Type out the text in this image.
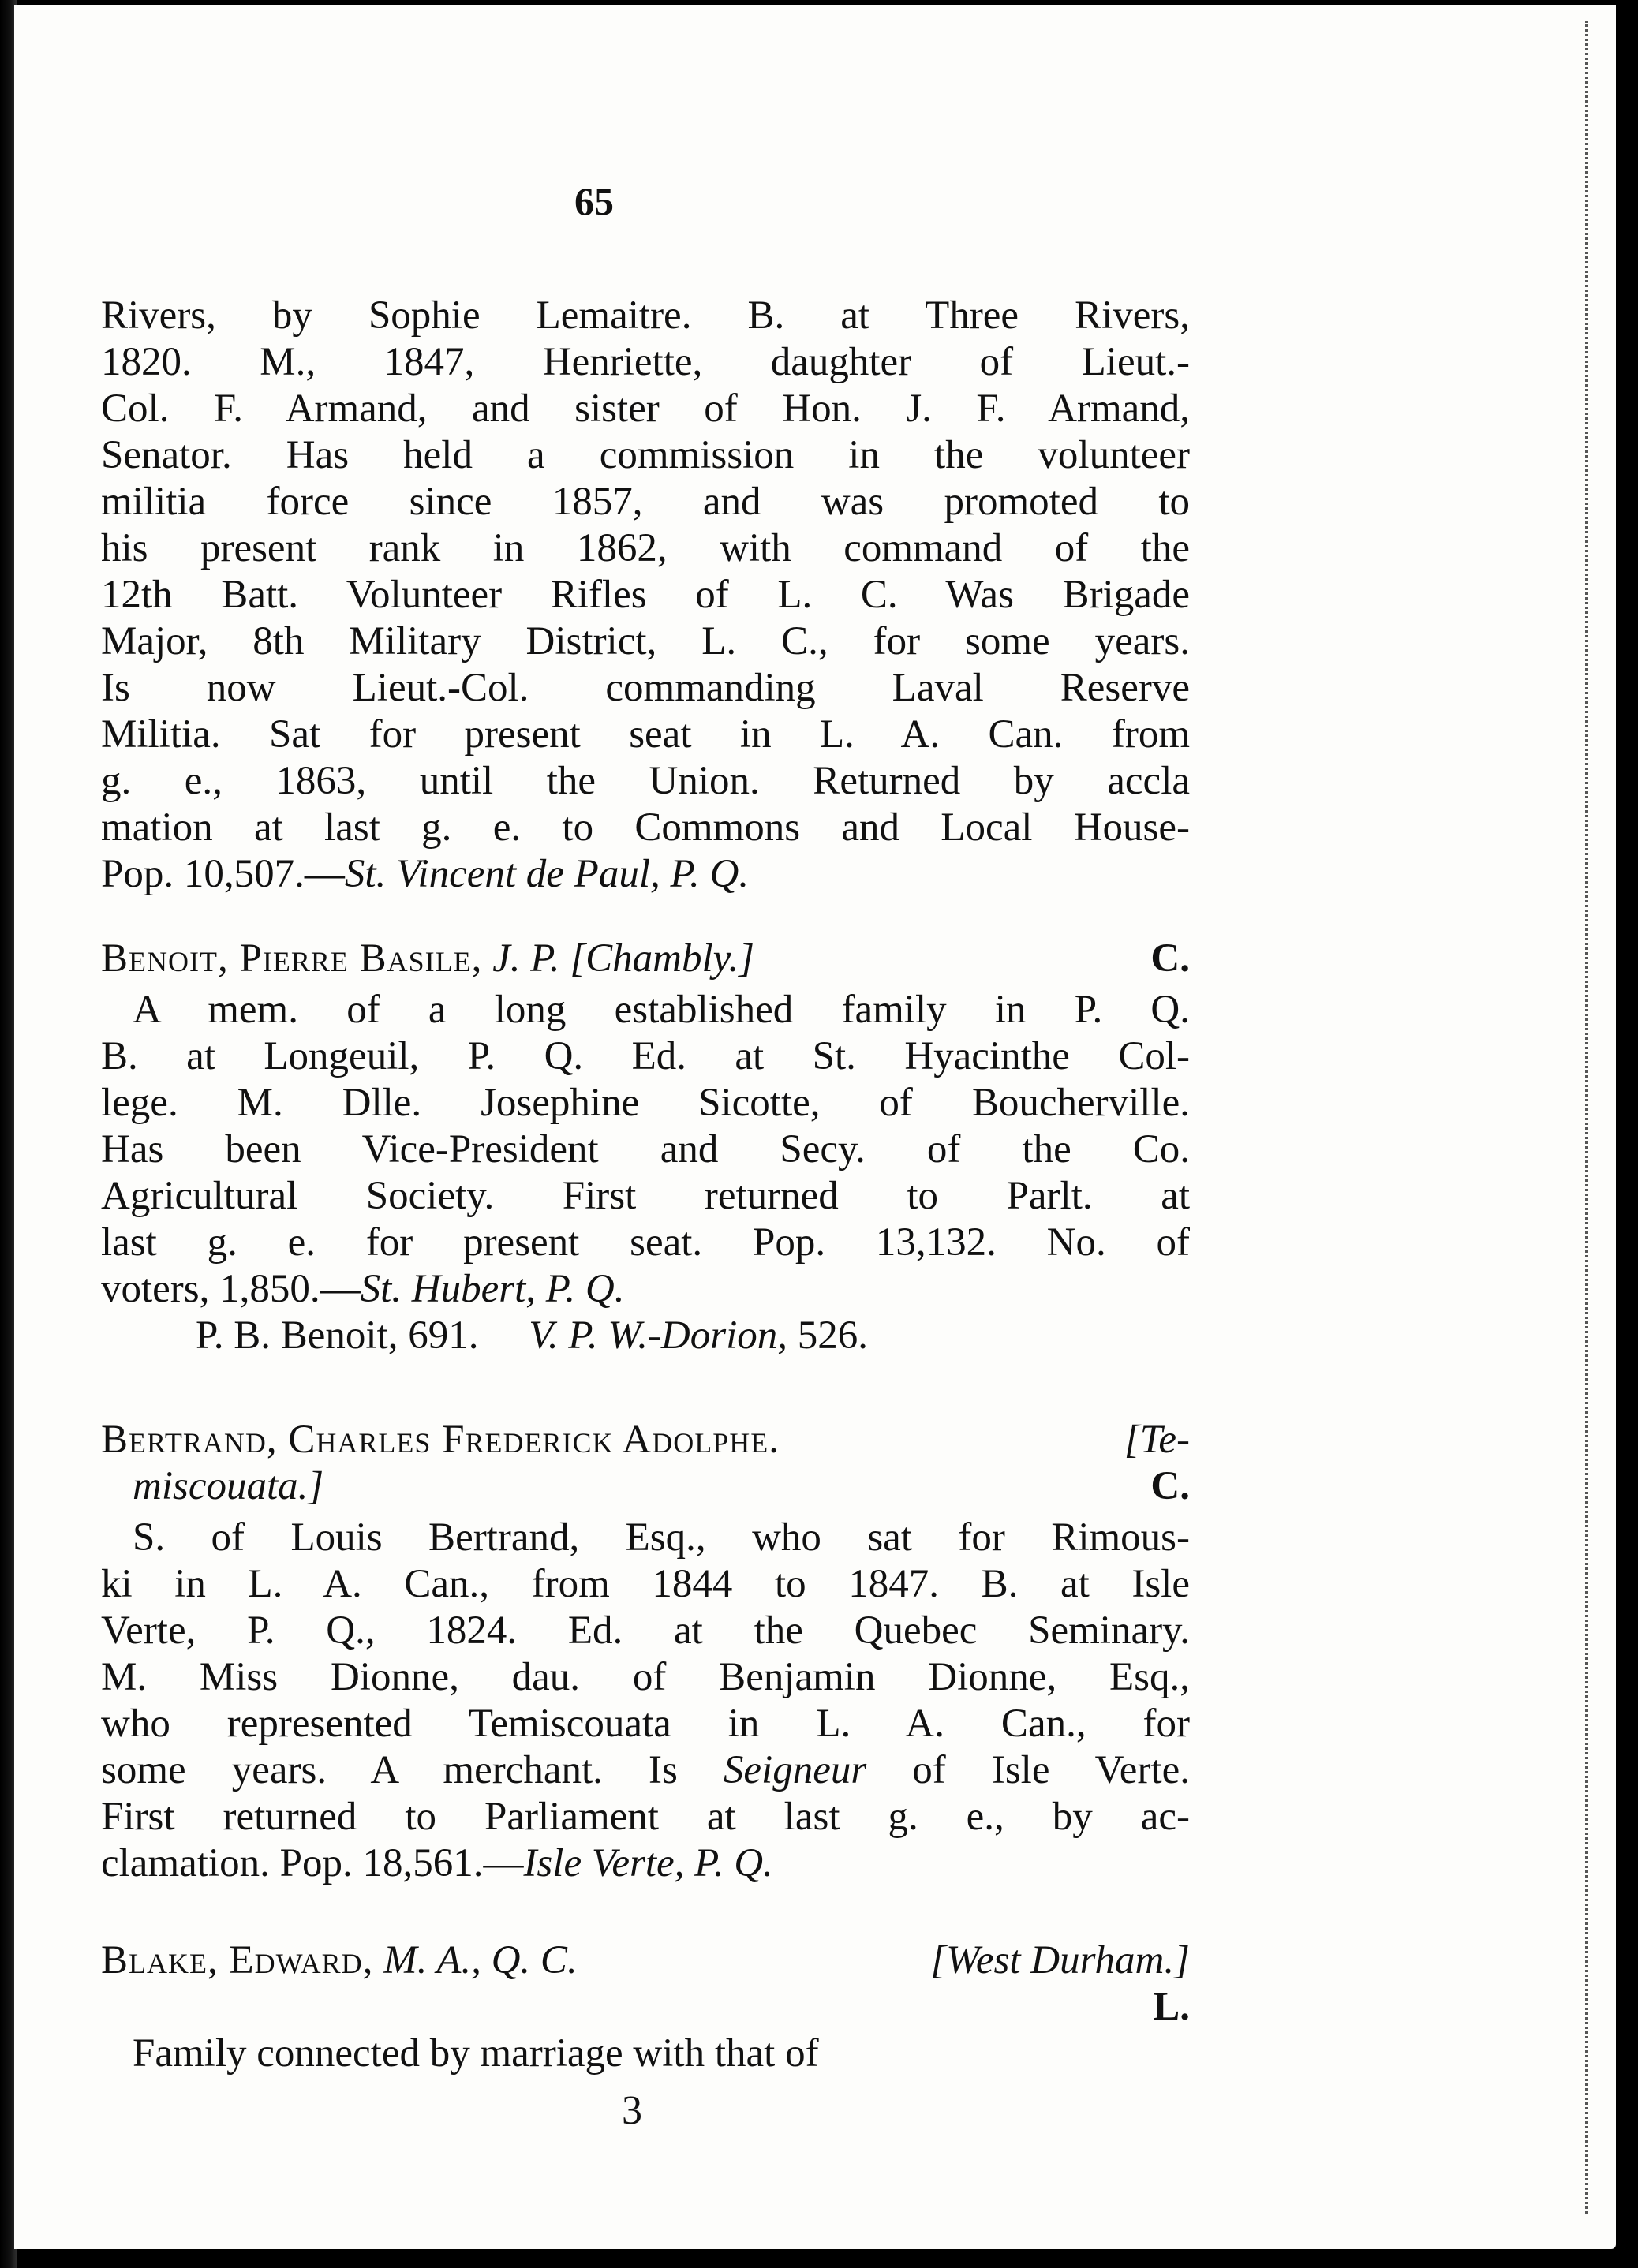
65
Rivers, by Sophie Lemaitre. B. at Three Rivers,
1820. M., 1847, Henriette, daughter of Lieut.-
Col. F. Armand, and sister of Hon. J. F. Armand,
Senator. Has held a commission in the volunteer
militia force since 1857, and was promoted to
his present rank in 1862, with command of the
12th Batt. Volunteer Rifles of L. C. Was Brigade
Major, 8th Military District, L. C., for some years.
Is now Lieut.-Col. commanding Laval Reserve
Militia. Sat for present seat in L. A. Can. from
g. e., 1863, until the Union. Returned by accla
mation at last g. e. to Commons and Local House-
Pop. 10,507.—St. Vincent de Paul, P. Q.
Benoit, Pierre Basile, J. P. [Chambly.]	C.
A mem. of a long established family in P. Q.
B. at Longeuil, P. Q. Ed. at St. Hyacinthe Col-
lege. M. Dlle. Josephine Sicotte, of Boucherville.
Has been Vice-President and Secy. of the Co.
Agricultural Society. First returned to Parlt. at
last g. e. for present seat. Pop. 13,132. No. of
voters, 1,850.—St. Hubert, P. Q.
P. B. Benoit, 691. V. P. W.-Dorion, 526.
Bertrand, Charles Frederick Adolphe.	[Te-
miscouata.]	C.
S. of Louis Bertrand, Esq., who sat for Rimous-
ki in L. A. Can., from 1844 to 1847. B. at Isle
Verte, P. Q., 1824. Ed. at the Quebec Seminary.
M. Miss Dionne, dau. of Benjamin Dionne, Esq.,
who represented Temiscouata in L. A. Can., for
some years. A merchant. Is Seigneur of Isle Verte.
First returned to Parliament at last g. e., by ac-
clamation. Pop. 18,561.—Isle Verte, P. Q.
Blake, Edward, M. A., Q. C.	[West Durham.]
L.
Family connected by marriage with that of
3
